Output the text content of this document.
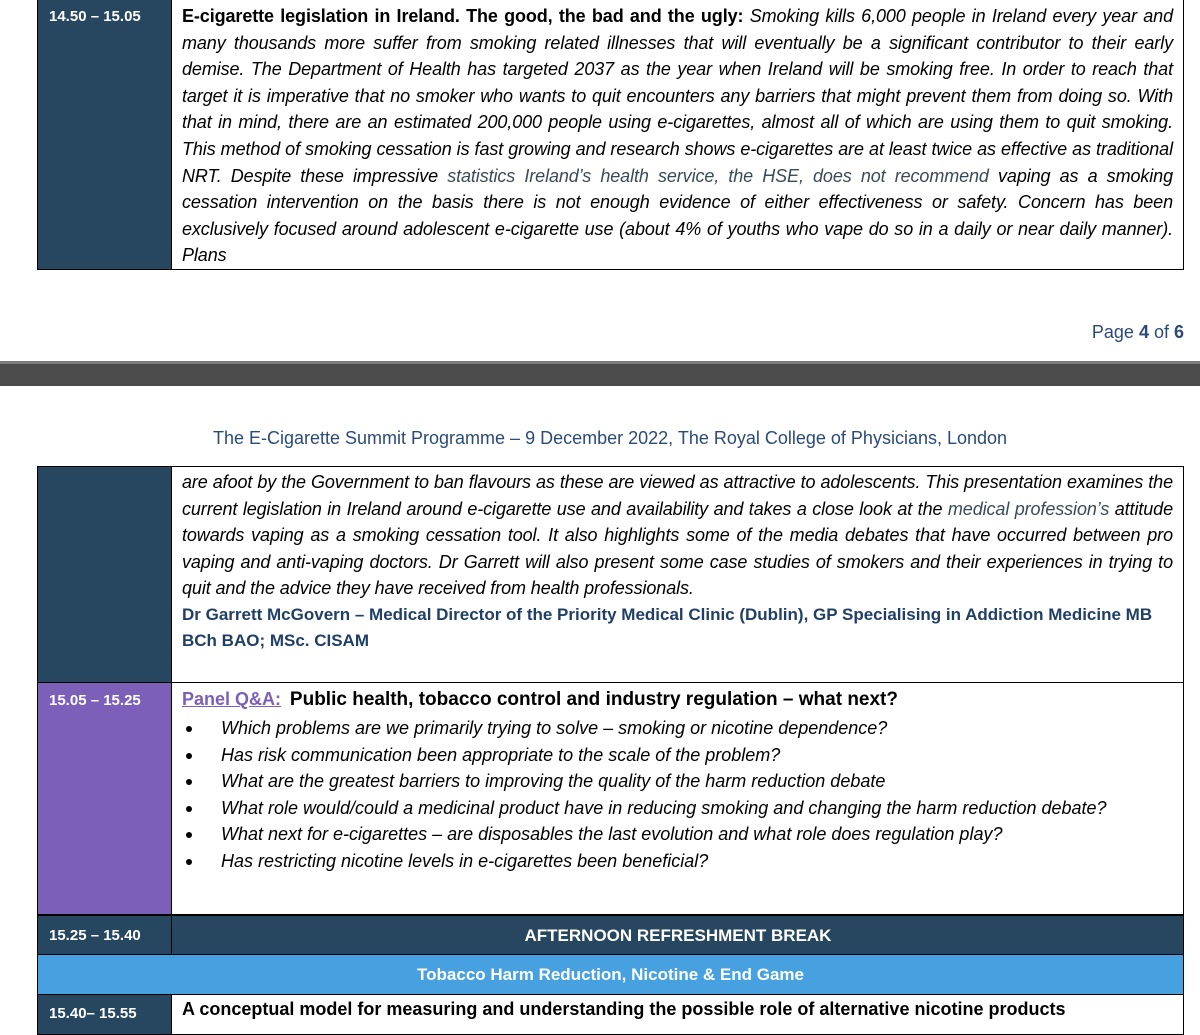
14.50 – 15.05	E-cigarette legislation in Ireland. The good, the bad and the ugly: Smoking kills 6,000 people in Ireland every year and many thousands more suffer from smoking related illnesses that will eventually be a significant contributor to their early demise. The Department of Health has targeted 2037 as the year when Ireland will be smoking free. In order to reach that target it is imperative that no smoker who wants to quit encounters any barriers that might prevent them from doing so. With that in mind, there are an estimated 200,000 people using e-cigarettes, almost all of which are using them to quit smoking. This method of smoking cessation is fast growing and research shows e-cigarettes are at least twice as effective as traditional NRT. Despite these impressive statistics Ireland’s health service, the HSE, does not recommend vaping as a smoking cessation intervention on the basis there is not enough evidence of either effectiveness or safety. Concern has been exclusively focused around adolescent e-cigarette use (about 4% of youths who vape do so in a daily or near daily manner). Plans

Page 4 of 6
The E-Cigarette Summit Programme – 9 December 2022, The Royal College of Physicians, London

are afoot by the Government to ban flavours as these are viewed as attractive to adolescents. This presentation examines the current legislation in Ireland around e-cigarette use and availability and takes a close look at the medical profession’s attitude towards vaping as a smoking cessation tool. It also highlights some of the media debates that have occurred between pro vaping and anti-vaping doctors. Dr Garrett will also present some case studies of smokers and their experiences in trying to quit and the advice they have received from health professionals.

Dr Garrett McGovern – Medical Director of the Priority Medical Clinic (Dublin), GP Specialising in Addiction Medicine MB BCh BAO; MSc. CISAM

15.05 – 15.25	Panel Q&A: Public health, tobacco control and industry regulation – what next?
Which problems are we primarily trying to solve – smoking or nicotine dependence?
Has risk communication been appropriate to the scale of the problem?
What are the greatest barriers to improving the quality of the harm reduction debate
What role would/could a medicinal product have in reducing smoking and changing the harm reduction debate?
What next for e-cigarettes – are disposables the last evolution and what role does regulation play?
Has restricting nicotine levels in e-cigarettes been beneficial?
15.25 – 15.40	AFTERNOON REFRESHMENT BREAK
Tobacco Harm Reduction, Nicotine & End Game
15.40– 15.55	A conceptual model for measuring and understanding the possible role of alternative nicotine products
